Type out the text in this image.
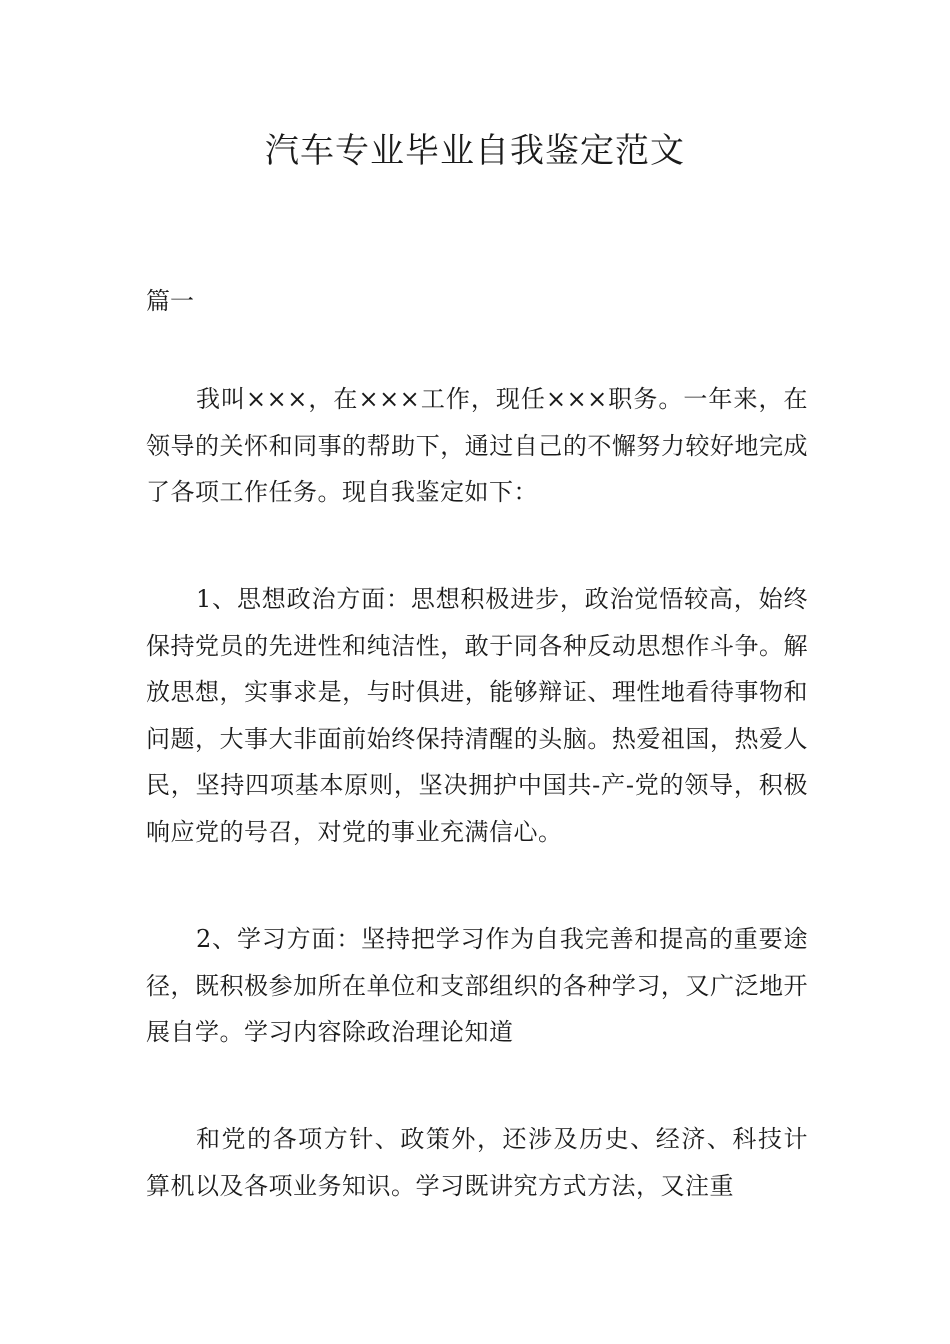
汽车专业毕业自我鉴定范文

篇一

我叫×××，在×××工作，现任×××职务。一年来，在领导的关怀和同事的帮助下，通过自己的不懈努力较好地完成了各项工作任务。现自我鉴定如下：

1、思想政治方面：思想积极进步，政治觉悟较高，始终保持党员的先进性和纯洁性，敢于同各种反动思想作斗争。解放思想，实事求是，与时俱进，能够辩证、理性地看待事物和问题，大事大非面前始终保持清醒的头脑。热爱祖国，热爱人民，坚持四项基本原则，坚决拥护中国共-产-党的领导，积极响应党的号召，对党的事业充满信心。

2、学习方面：坚持把学习作为自我完善和提高的重要途径，既积极参加所在单位和支部组织的各种学习，又广泛地开展自学。学习内容除政治理论知道

和党的各项方针、政策外，还涉及历史、经济、科技计算机以及各项业务知识。学习既讲究方式方法，又注重
